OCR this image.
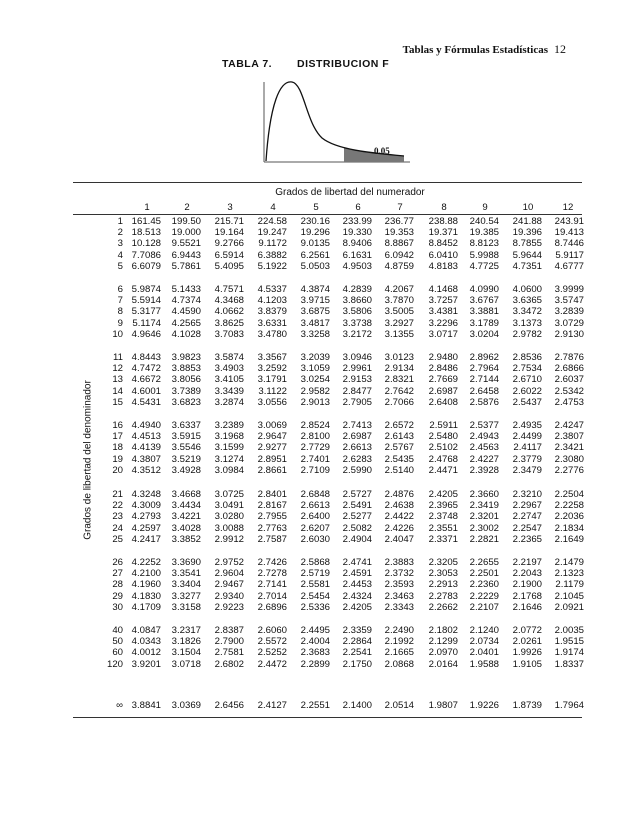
Tablas y Fórmulas Estadísticas 12
TABLA 7. DISTRIBUCION F
0.05
Grados de libertad del numerador
Grados de libertad del denominador
1	2	3	4	5	6	7	8	9	10	12
1 161.45	199.50	215.71	224.58	230.16	233.99	236.77	238.88	240.54	241.88	243.91
2 18.513	19.000	19.164	19.247	19.296	19.330	19.353	19.371	19.385	19.396	19.413
3 10.128	9.5521	9.2766	9.1172	9.0135	8.9406	8.8867	8.8452	8.8123	8.7855	8.7446
4 7.7086	6.9443	6.5914	6.3882	6.2561	6.1631	6.0942	6.0410	5.9988	5.9644	5.9117
5 6.6079	5.7861	5.4095	5.1922	5.0503	4.9503	4.8759	4.8183	4.7725	4.7351	4.6777
6 5.9874	5.1433	4.7571	4.5337	4.3874	4.2839	4.2067	4.1468	4.0990	4.0600	3.9999
7 5.5914	4.7374	4.3468	4.1203	3.9715	3.8660	3.7870	3.7257	3.6767	3.6365	3.5747
8 5.3177	4.4590	4.0662	3.8379	3.6875	3.5806	3.5005	3.4381	3.3881	3.3472	3.2839
9 5.1174	4.2565	3.8625	3.6331	3.4817	3.3738	3.2927	3.2296	3.1789	3.1373	3.0729
10 4.9646	4.1028	3.7083	3.4780	3.3258	3.2172	3.1355	3.0717	3.0204	2.9782	2.9130
11 4.8443	3.9823	3.5874	3.3567	3.2039	3.0946	3.0123	2.9480	2.8962	2.8536	2.7876
12 4.7472	3.8853	3.4903	3.2592	3.1059	2.9961	2.9134	2.8486	2.7964	2.7534	2.6866
13 4.6672	3.8056	3.4105	3.1791	3.0254	2.9153	2.8321	2.7669	2.7144	2.6710	2.6037
14 4.6001	3.7389	3.3439	3.1122	2.9582	2.8477	2.7642	2.6987	2.6458	2.6022	2.5342
15 4.5431	3.6823	3.2874	3.0556	2.9013	2.7905	2.7066	2.6408	2.5876	2.5437	2.4753
16 4.4940	3.6337	3.2389	3.0069	2.8524	2.7413	2.6572	2.5911	2.5377	2.4935	2.4247
17 4.4513	3.5915	3.1968	2.9647	2.8100	2.6987	2.6143	2.5480	2.4943	2.4499	2.3807
18 4.4139	3.5546	3.1599	2.9277	2.7729	2.6613	2.5767	2.5102	2.4563	2.4117	2.3421
19 4.3807	3.5219	3.1274	2.8951	2.7401	2.6283	2.5435	2.4768	2.4227	2.3779	2.3080
20 4.3512	3.4928	3.0984	2.8661	2.7109	2.5990	2.5140	2.4471	2.3928	2.3479	2.2776
21 4.3248	3.4668	3.0725	2.8401	2.6848	2.5727	2.4876	2.4205	2.3660	2.3210	2.2504
22 4.3009	3.4434	3.0491	2.8167	2.6613	2.5491	2.4638	2.3965	2.3419	2.2967	2.2258
23 4.2793	3.4221	3.0280	2.7955	2.6400	2.5277	2.4422	2.3748	2.3201	2.2747	2.2036
24 4.2597	3.4028	3.0088	2.7763	2.6207	2.5082	2.4226	2.3551	2.3002	2.2547	2.1834
25 4.2417	3.3852	2.9912	2.7587	2.6030	2.4904	2.4047	2.3371	2.2821	2.2365	2.1649
26 4.2252	3.3690	2.9752	2.7426	2.5868	2.4741	2.3883	2.3205	2.2655	2.2197	2.1479
27 4.2100	3.3541	2.9604	2.7278	2.5719	2.4591	2.3732	2.3053	2.2501	2.2043	2.1323
28 4.1960	3.3404	2.9467	2.7141	2.5581	2.4453	2.3593	2.2913	2.2360	2.1900	2.1179
29 4.1830	3.3277	2.9340	2.7014	2.5454	2.4324	2.3463	2.2783	2.2229	2.1768	2.1045
30 4.1709	3.3158	2.9223	2.6896	2.5336	2.4205	2.3343	2.2662	2.2107	2.1646	2.0921
40 4.0847	3.2317	2.8387	2.6060	2.4495	2.3359	2.2490	2.1802	2.1240	2.0772	2.0035
50 4.0343	3.1826	2.7900	2.5572	2.4004	2.2864	2.1992	2.1299	2.0734	2.0261	1.9515
60 4.0012	3.1504	2.7581	2.5252	2.3683	2.2541	2.1665	2.0970	2.0401	1.9926	1.9174
120 3.9201	3.0718	2.6802	2.4472	2.2899	2.1750	2.0868	2.0164	1.9588	1.9105	1.8337
∞ 3.8841	3.0369	2.6456	2.4127	2.2551	2.1400	2.0514	1.9807	1.9226	1.8739	1.7964
